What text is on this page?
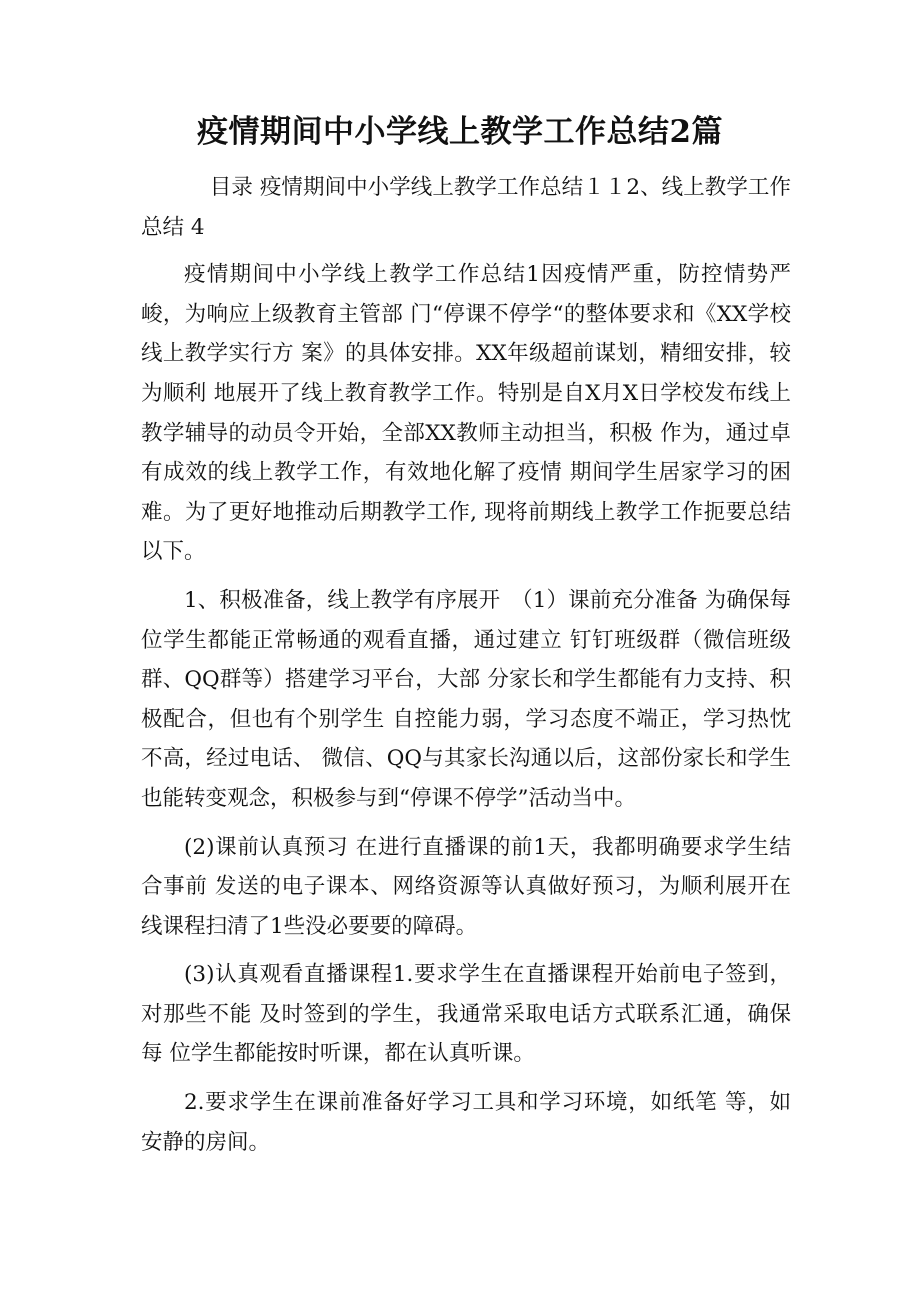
疫情期间中小学线上教学工作总结2篇

目录 疫情期间中小学线上教学工作总结１１2、线上教学工作总结 4

疫情期间中小学线上教学工作总结1因疫情严重，防控情势严峻，为响应上级教育主管部 门“停课不停学“的整体要求和《XX学校线上教学实行方 案》的具体安排。XX年级超前谋划，精细安排，较为顺利 地展开了线上教育教学工作。特别是自X月X日学校发布线上教学辅导的动员令开始，全部XX教师主动担当，积极 作为，通过卓有成效的线上教学工作，有效地化解了疫情 期间学生居家学习的困难。为了更好地推动后期教学工作, 现将前期线上教学工作扼要总结以下。

1、积极准备，线上教学有序展开　（1）课前充分准备 为确保每位学生都能正常畅通的观看直播，通过建立 钉钉班级群（微信班级群、QQ群等）搭建学习平台，大部 分家长和学生都能有力支持、积极配合，但也有个别学生 自控能力弱，学习态度不端正，学习热忱不高，经过电话、 微信、QQ与其家长沟通以后，这部份家长和学生也能转变观念，积极参与到“停课不停学”活动当中。

(2)课前认真预习 在进行直播课的前1天，我都明确要求学生结合事前 发送的电子课本、网络资源等认真做好预习，为顺利展开在线课程扫清了1些没必要要的障碍。

(3)认真观看直播课程1.要求学生在直播课程开始前电子签到，对那些不能 及时签到的学生，我通常采取电话方式联系汇通，确保每 位学生都能按时听课，都在认真听课。

2.要求学生在课前准备好学习工具和学习环境，如纸笔 等，如安静的房间。
